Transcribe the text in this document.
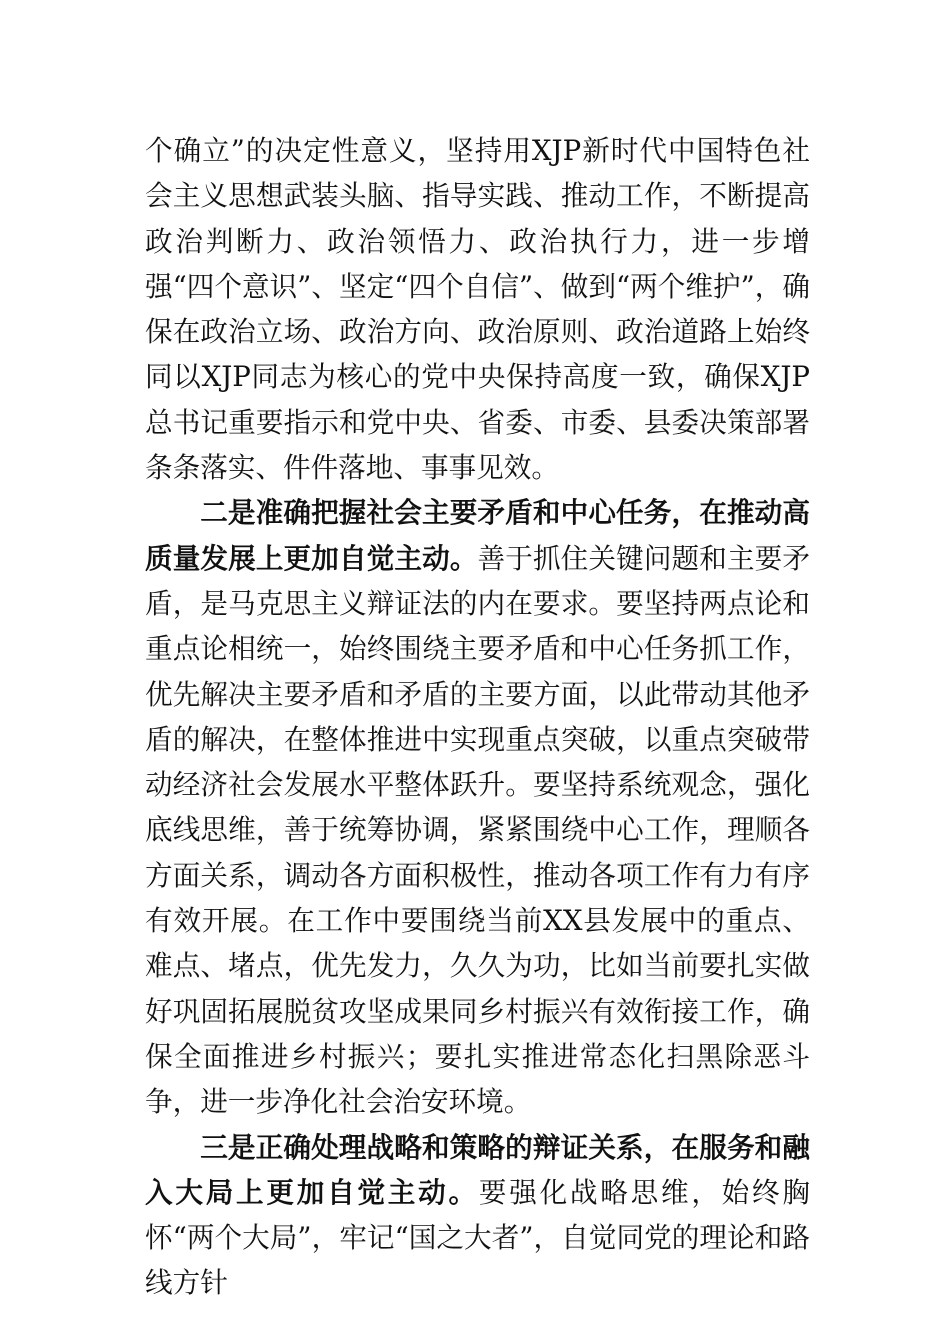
个确立”的决定性意义，坚持用XJP新时代中国特色社会主义思想武装头脑、指导实践、推动工作，不断提高政治判断力、政治领悟力、政治执行力，进一步增强“四个意识”、坚定“四个自信”、做到“两个维护”，确保在政治立场、政治方向、政治原则、政治道路上始终同以XJP同志为核心的党中央保持高度一致，确保XJP总书记重要指示和党中央、省委、市委、县委决策部署条条落实、件件落地、事事见效。

二是准确把握社会主要矛盾和中心任务，在推动高质量发展上更加自觉主动。善于抓住关键问题和主要矛盾，是马克思主义辩证法的内在要求。要坚持两点论和重点论相统一，始终围绕主要矛盾和中心任务抓工作，优先解决主要矛盾和矛盾的主要方面，以此带动其他矛盾的解决，在整体推进中实现重点突破，以重点突破带动经济社会发展水平整体跃升。要坚持系统观念，强化底线思维，善于统筹协调，紧紧围绕中心工作，理顺各方面关系，调动各方面积极性，推动各项工作有力有序有效开展。在工作中要围绕当前XX县发展中的重点、难点、堵点，优先发力，久久为功，比如当前要扎实做好巩固拓展脱贫攻坚成果同乡村振兴有效衔接工作，确保全面推进乡村振兴；要扎实推进常态化扫黑除恶斗争，进一步净化社会治安环境。

三是正确处理战略和策略的辩证关系，在服务和融入大局上更加自觉主动。要强化战略思维，始终胸怀“两个大局”，牢记“国之大者”，自觉同党的理论和路线方针
